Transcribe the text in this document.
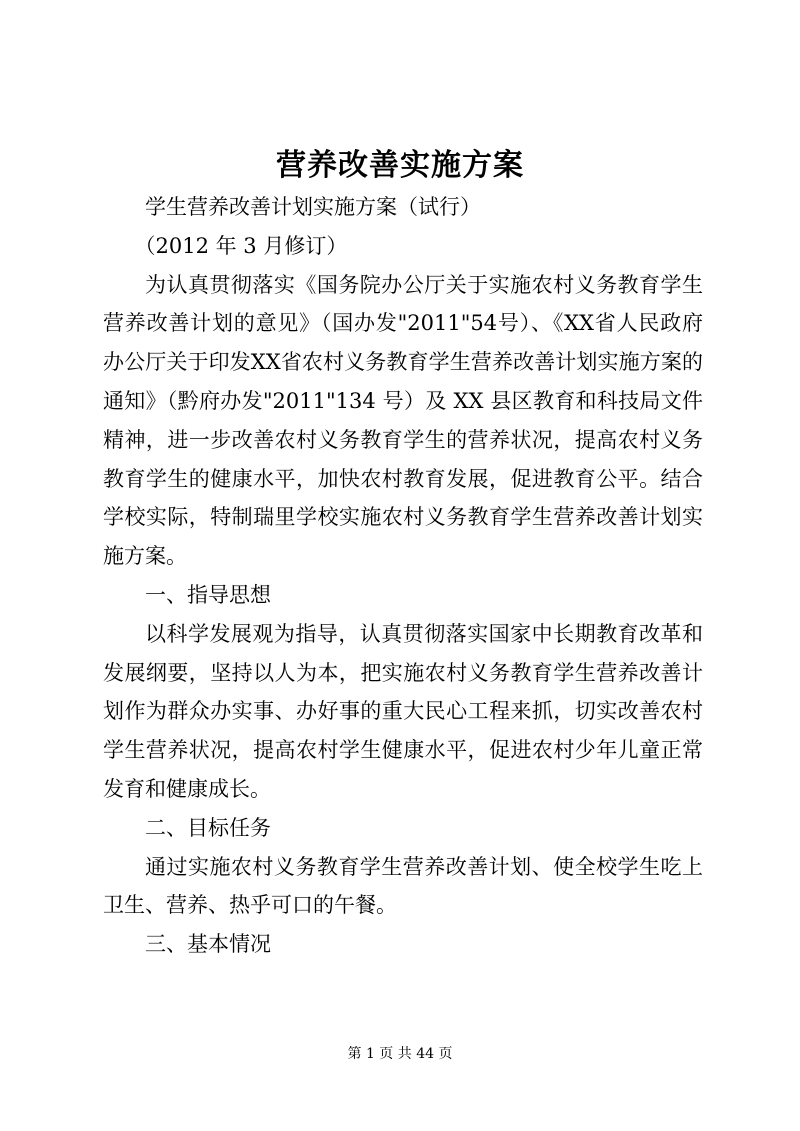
营养改善实施方案

学生营养改善计划实施方案（试行）

（2012 年 3 月修订）

为认真贯彻落实《国务院办公厅关于实施农村义务教育学生营养改善计划的意见》（国办发"2011"54号）、《XX省人民政府办公厅关于印发XX省农村义务教育学生营养改善计划实施方案的通知》（黔府办发"2011"134 号）及 XX 县区教育和科技局文件精神，进一步改善农村义务教育学生的营养状况，提高农村义务教育学生的健康水平，加快农村教育发展，促进教育公平。结合学校实际，特制瑞里学校实施农村义务教育学生营养改善计划实施方案。

一、指导思想

以科学发展观为指导，认真贯彻落实国家中长期教育改革和发展纲要，坚持以人为本，把实施农村义务教育学生营养改善计划作为群众办实事、办好事的重大民心工程来抓，切实改善农村学生营养状况，提高农村学生健康水平，促进农村少年儿童正常发育和健康成长。

二、目标任务

通过实施农村义务教育学生营养改善计划、使全校学生吃上卫生、营养、热乎可口的午餐。

三、基本情况

第 1 页 共 44 页
